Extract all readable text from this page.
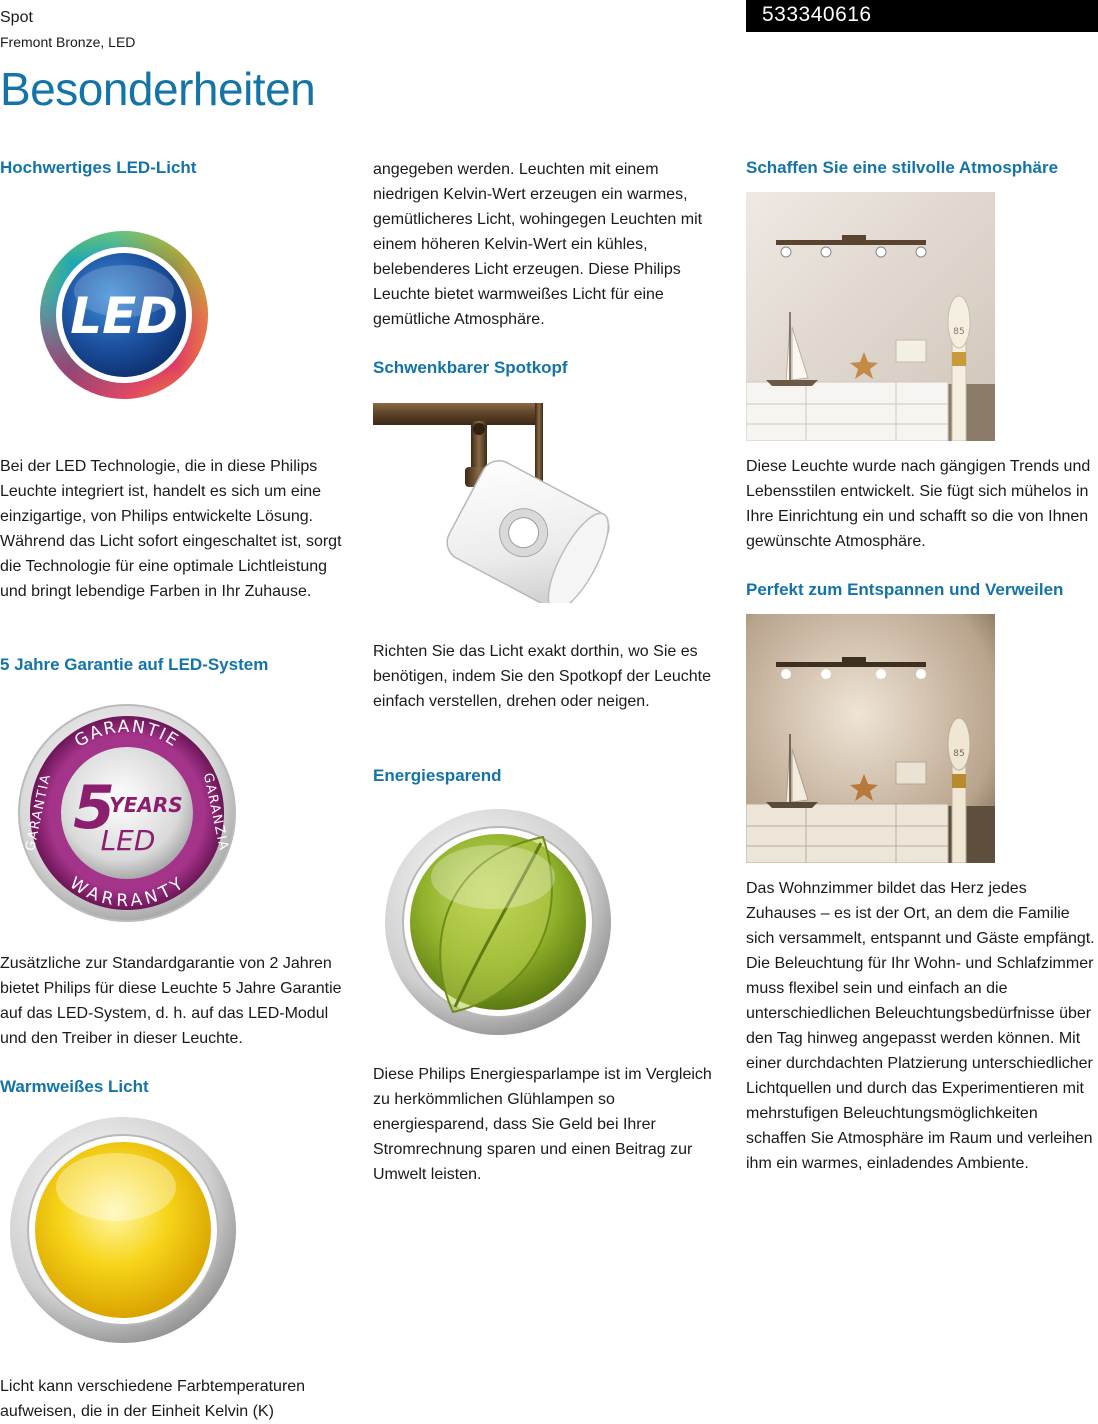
Spot
Fremont Bronze, LED
533340616
Besonderheiten
Hochwertiges LED-Licht
LED

Bei der LED Technologie, die in diese Philips Leuchte integriert ist, handelt es sich um eine einzigartige, von Philips entwickelte Lösung. Während das Licht sofort eingeschaltet ist, sorgt die Technologie für eine optimale Lichtleistung und bringt lebendige Farben in Ihr Zuhause.

5 Jahre Garantie auf LED-System
GARANTIE
WARRANTY
GARANTIA	GARANZIA
5
YEARS
LED

Zusätzliche zur Standardgarantie von 2 Jahren bietet Philips für diese Leuchte 5 Jahre Garantie auf das LED-System, d. h. auf das LED-Modul und den Treiber in dieser Leuchte.

Warmweißes Licht

Licht kann verschiedene Farbtemperaturen aufweisen, die in der Einheit Kelvin (K)

angegeben werden. Leuchten mit einem niedrigen Kelvin-Wert erzeugen ein warmes, gemütlicheres Licht, wohingegen Leuchten mit einem höheren Kelvin-Wert ein kühles, belebenderes Licht erzeugen. Diese Philips Leuchte bietet warmweißes Licht für eine gemütliche Atmosphäre.

Schwenkbarer Spotkopf

Richten Sie das Licht exakt dorthin, wo Sie es benötigen, indem Sie den Spotkopf der Leuchte einfach verstellen, drehen oder neigen.

Energiesparend

Diese Philips Energiesparlampe ist im Vergleich zu herkömmlichen Glühlampen so energiesparend, dass Sie Geld bei Ihrer Stromrechnung sparen und einen Beitrag zur Umwelt leisten.

Schaffen Sie eine stilvolle Atmosphäre
85

Diese Leuchte wurde nach gängigen Trends und Lebensstilen entwickelt. Sie fügt sich mühelos in Ihre Einrichtung ein und schafft so die von Ihnen gewünschte Atmosphäre.

Perfekt zum Entspannen und Verweilen
85

Das Wohnzimmer bildet das Herz jedes Zuhauses – es ist der Ort, an dem die Familie sich versammelt, entspannt und Gäste empfängt. Die Beleuchtung für Ihr Wohn- und Schlafzimmer muss flexibel sein und einfach an die unterschiedlichen Beleuchtungsbedürfnisse über den Tag hinweg angepasst werden können. Mit einer durchdachten Platzierung unterschiedlicher Lichtquellen und durch das Experimentieren mit mehrstufigen Beleuchtungsmöglichkeiten schaffen Sie Atmosphäre im Raum und verleihen ihm ein warmes, einladendes Ambiente.
